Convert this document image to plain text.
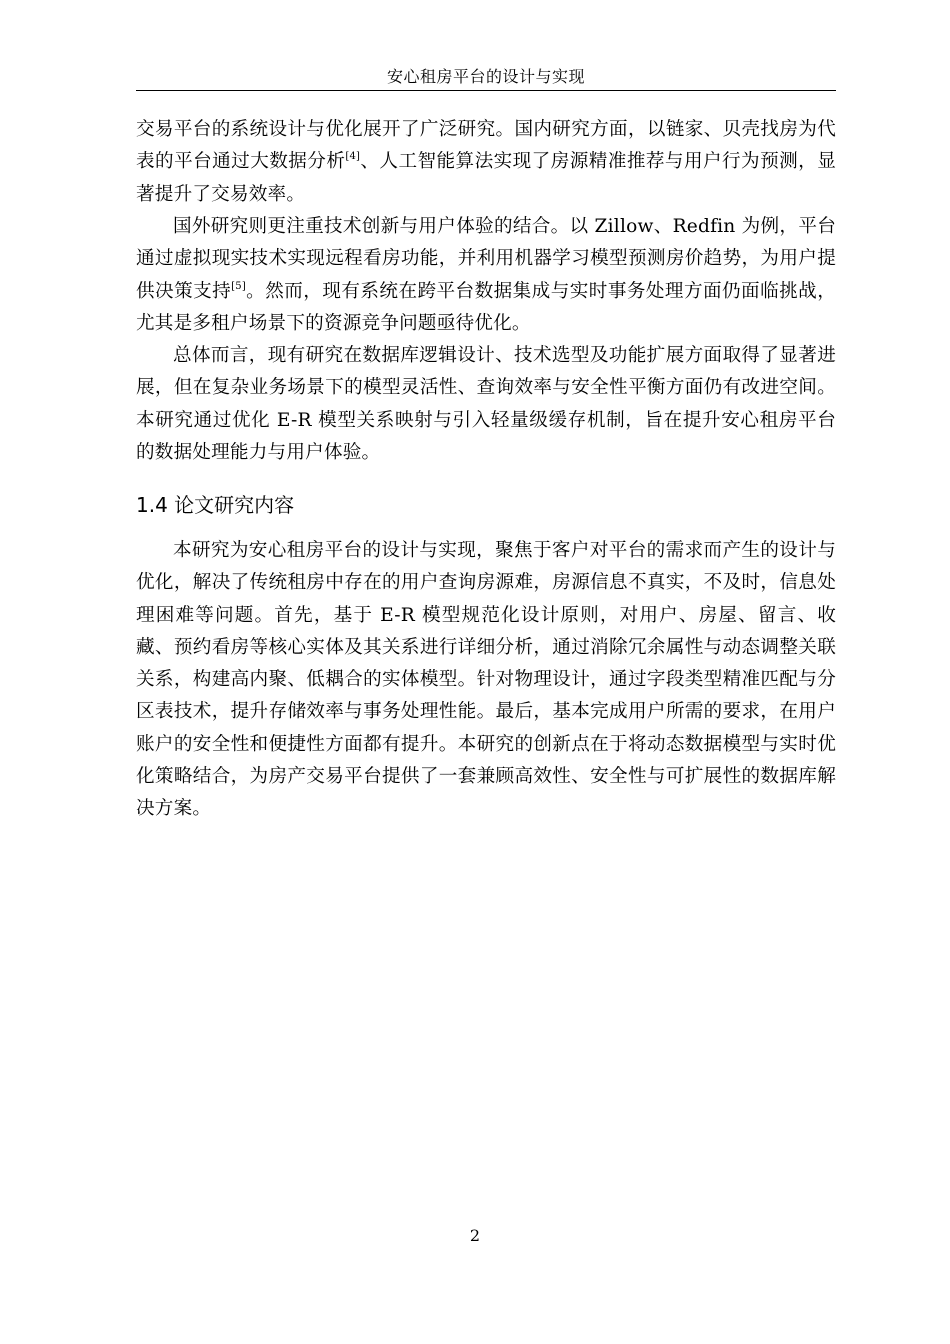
安心租房平台的设计与实现

交易平台的系统设计与优化展开了广泛研究。国内研究方面，以链家、贝壳找房为代表的平台通过大数据分析[4]、人工智能算法实现了房源精准推荐与用户行为预测，显著提升了交易效率。

国外研究则更注重技术创新与用户体验的结合。以 Zillow、Redfin 为例，平台通过虚拟现实技术实现远程看房功能，并利用机器学习模型预测房价趋势，为用户提供决策支持[5]。然而，现有系统在跨平台数据集成与实时事务处理方面仍面临挑战，尤其是多租户场景下的资源竞争问题亟待优化。

总体而言，现有研究在数据库逻辑设计、技术选型及功能扩展方面取得了显著进展，但在复杂业务场景下的模型灵活性、查询效率与安全性平衡方面仍有改进空间。本研究通过优化 E-R 模型关系映射与引入轻量级缓存机制，旨在提升安心租房平台的数据处理能力与用户体验。

1.4 论文研究内容

本研究为安心租房平台的设计与实现，聚焦于客户对平台的需求而产生的设计与优化，解决了传统租房中存在的用户查询房源难，房源信息不真实，不及时，信息处理困难等问题。首先，基于 E-R 模型规范化设计原则，对用户、房屋、留言、收藏、预约看房等核心实体及其关系进行详细分析，通过消除冗余属性与动态调整关联关系，构建高内聚、低耦合的实体模型。针对物理设计，通过字段类型精准匹配与分区表技术，提升存储效率与事务处理性能。最后，基本完成用户所需的要求，在用户账户的安全性和便捷性方面都有提升。本研究的创新点在于将动态数据模型与实时优化策略结合，为房产交易平台提供了一套兼顾高效性、安全性与可扩展性的数据库解决方案。

2
